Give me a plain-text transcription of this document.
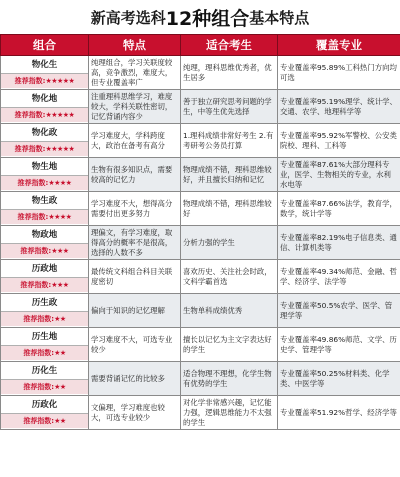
新高考选科 12种组合 基本特点
组合	特点	适合考生	覆盖专业

物化生
推荐指数:★★★★★	纯理组合，学习关联度较高，竞争激烈，难度大，但专业覆盖率广	纯理，理科思维优秀者，优生居多	专业覆盖率95.89%工科热门方向均可选

物化地
推荐指数:★★★★★	注重理科思维学习，难度较大，学科关联性密切，记忆背诵内容少	善于独立研究思考问题的学生，中等生优先选择	专业覆盖率95.19%理学、统计学、交通、农学、地理科学等

物化政
推荐指数:★★★★★	学习难度大，学科跨度大，政治在备考有高分	1.理科成绩非常好考生 2.有考研考公务员打算	专业覆盖率95.92%军警校、公安类院校、理科、工科等

物生地
推荐指数:★★★★	生物有很多知识点，需要较高的记忆力	物理成绩不错，理科思维较好，并且擅长归纳和记忆	专业覆盖率87.61%大部分理科专业，医学、生物相关的专业，水利水电等

物生政
推荐指数:★★★★	学习难度不大，想得高分需要付出更多努力	物理成绩不错，理科思维较好	专业覆盖率87.66%法学，教育学，数学，统计学等

物政地
推荐指数:★★★	理偏文，有学习难度，取得高分的概率不是很高，选择的人数不多	分析力强的学生	专业覆盖率82.19%电子信息类、通信、计算机类等

历政地
推荐指数:★★★	最传统文科组合科目关联度密切	喜欢历史、关注社会时政，文科学霸首选	专业覆盖率49.34%师范、金融、哲学、经济学、法学等

历生政
推荐指数:★★	偏向于知识的记忆理解	生物单科成绩优秀	专业覆盖率50.5%农学、医学、管理学等

历生地
推荐指数:★★	学习难度不大，可选专业较少	擅长以记忆为主文字表达好的学生	专业覆盖率49.86%师范、文学、历史学、管理学等

历化生
推荐指数:★★	需要背诵记忆的比较多	适合物理不理想，化学生物有优势的学生	专业覆盖率50.25%材料类、化学类、中医学等

历政化
推荐指数:★★	文偏理，学习难度也较大，可选专业较少	对化学非常感兴趣，记忆能力强，逻辑思维能力不太强的学生	专业覆盖率51.92%哲学、经济学等
